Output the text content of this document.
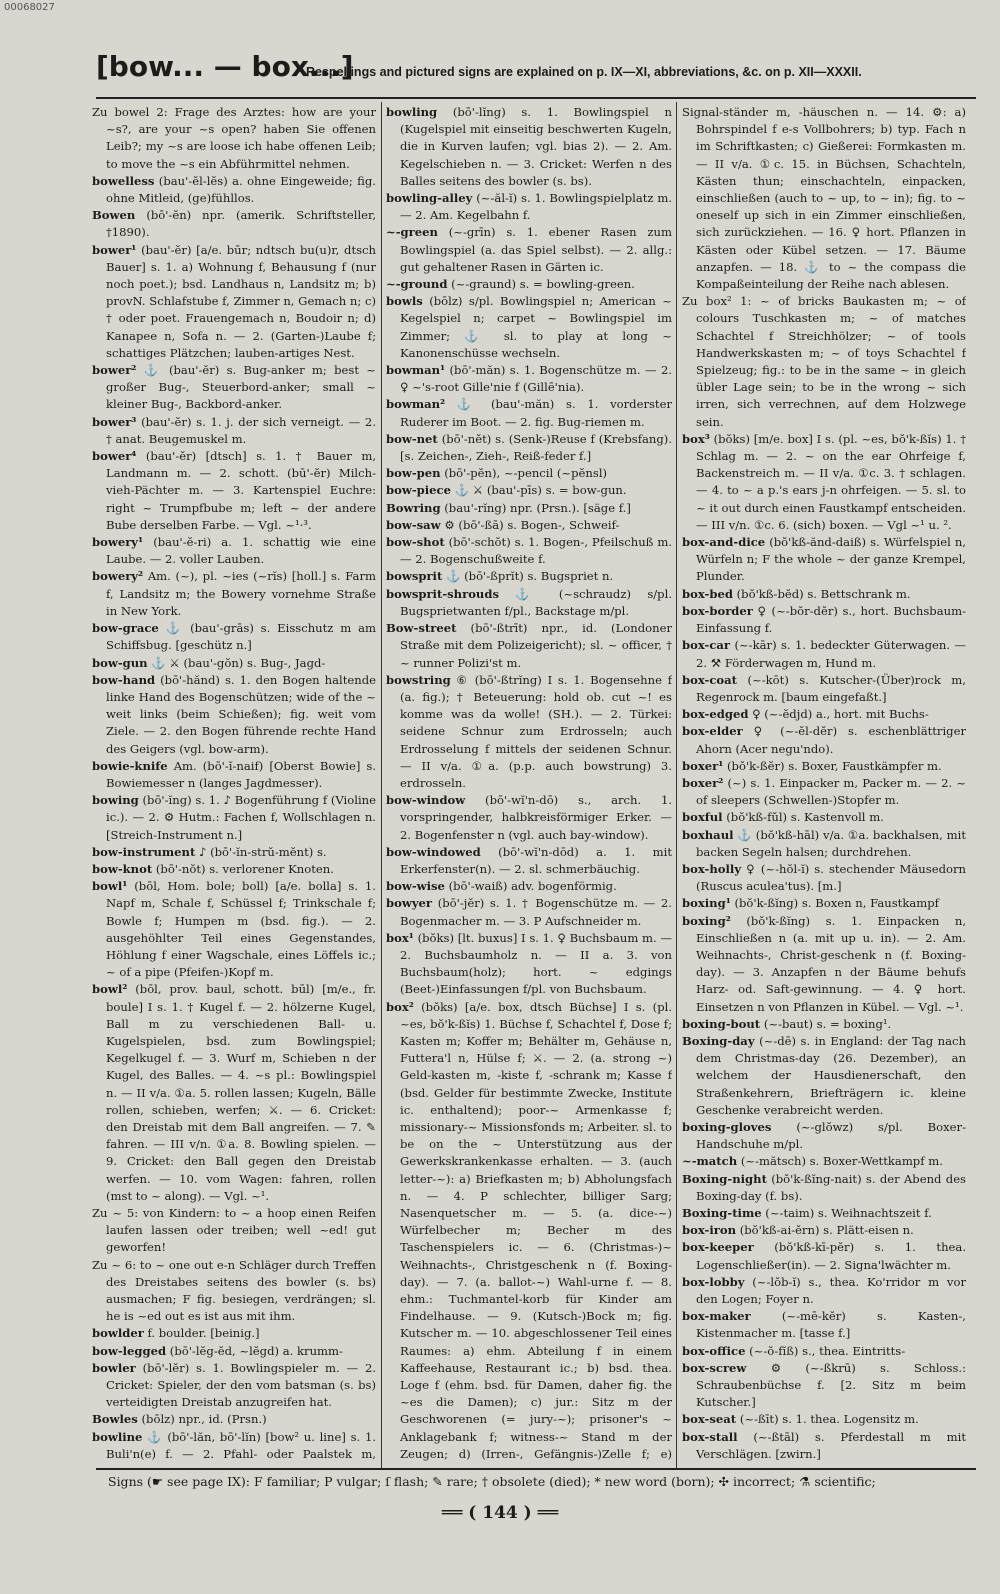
00068027
[bow... — box...]
Respellings and pictured signs are explained on p. IX—XI, abbreviations, &c. on p. XII—XXXII.

Zu bowel 2: Frage des Arztes: how are your ~s?, are your ~s open? haben Sie offenen Leib?; my ~s are loose ich habe offenen Leib; to move the ~s ein Abführmittel nehmen.

bowelless (bau'-ĕl-lĕs) a. ohne Eingeweide; fig. ohne Mitleid, (ge)fühllos.

Bowen (bō'-ĕn) npr. (amerik. Schriftsteller, †1890).

bower¹ (bau'-ĕr) [a/e. būr; ndtsch bu(u)r, dtsch Bauer] s. 1. a) Wohnung f, Behausung f (nur noch poet.); bsd. Landhaus n, Landsitz m; b) provN. Schlafstube f, Zimmer n, Gemach n; c) † oder poet. Frauengemach n, Boudoir n; d) Kanapee n, Sofa n. — 2. (Garten-)Laube f; schattiges Plätzchen; lauben-artiges Nest.

bower² ⚓ (bau'-ĕr) s. Bug-anker m; best ~ großer Bug-, Steuerbord-anker; small ~ kleiner Bug-, Backbord-anker.

bower³ (bau'-ĕr) s. 1. j. der sich verneigt. — 2. † anat. Beugemuskel m.

bower⁴ (bau'-ĕr) [dtsch] s. 1. † Bauer m, Landmann m. — 2. schott. (bū'-ĕr) Milch-vieh-Pächter m. — 3. Kartenspiel Euchre: right ~ Trumpfbube m; left ~ der andere Bube derselben Farbe. — Vgl. ~¹·³.

bowery¹ (bau'-ĕ-ri) a. 1. schattig wie eine Laube. — 2. voller Lauben.

bowery² Am. (~), pl. ~ies (~rĭs) [holl.] s. Farm f, Landsitz m; the Bowery vornehme Straße in New York.

bow-grace ⚓ (bau'-grās) s. Eisschutz m am Schiffsbug. [geschütz n.]

bow-gun ⚓ ⚔ (bau'-gŏn) s. Bug-, Jagd-

bow-hand (bō'-hănd) s. 1. den Bogen haltende linke Hand des Bogenschützen; wide of the ~ weit links (beim Schießen); fig. weit vom Ziele. — 2. den Bogen führende rechte Hand des Geigers (vgl. bow-arm).

bowie-knife Am. (bō'-ĭ-naif) [Oberst Bowie] s. Bowiemesser n (langes Jagdmesser).

bowing (bō'-ĭng) s. 1. ♪ Bogenführung f (Violine ic.). — 2. ⚙ Hutm.: Fachen f, Wollschlagen n. [Streich-Instrument n.]

bow-instrument ♪ (bō'-ĭn-strŭ-mĕnt) s.

bow-knot (bō'-nŏt) s. verlorener Knoten.

bowl¹ (bōl, Hom. bole; boll) [a/e. bolla] s. 1. Napf m, Schale f, Schüssel f; Trinkschale f; Bowle f; Humpen m (bsd. fig.). — 2. ausgehöhlter Teil eines Gegenstandes, Höhlung f einer Wagschale, eines Löffels ic.; ~ of a pipe (Pfeifen-)Kopf m.

bowl² (bōl, prov. baul, schott. būl) [m/e., fr. boule] I s. 1. † Kugel f. — 2. hölzerne Kugel, Ball m zu verschiedenen Ball- u. Kugelspielen, bsd. zum Bowlingspiel; Kegelkugel f. — 3. Wurf m, Schieben n der Kugel, des Balles. — 4. ~s pl.: Bowlingspiel n. — II v/a. ①a. 5. rollen lassen; Kugeln, Bälle rollen, schieben, werfen; ⚔. — 6. Cricket: den Dreistab mit dem Ball angreifen. — 7. ✎ fahren. — III v/n. ①a. 8. Bowling spielen. — 9. Cricket: den Ball gegen den Dreistab werfen. — 10. vom Wagen: fahren, rollen (mst to ~ along). — Vgl. ~¹.

Zu ~ 5: von Kindern: to ~ a hoop einen Reifen laufen lassen oder treiben; well ~ed! gut geworfen!

Zu ~ 6: to ~ one out e-n Schläger durch Treffen des Dreistabes seitens des bowler (s. bs) ausmachen; F fig. besiegen, verdrängen; sl. he is ~ed out es ist aus mit ihm.

bowlder f. boulder. [beinig.]

bow-legged (bō'-lĕg-ĕd, ~lĕgd) a. krumm-

bowler (bō'-lĕr) s. 1. Bowlingspieler m. — 2. Cricket: Spieler, der den vom batsman (s. bs) verteidigten Dreistab anzugreifen hat.

Bowles (bōlz) npr., id. (Prsn.)

bowline ⚓ (bō'-lăn, bō'-lĭn) [bow² u. line] s. 1. Buli'n(e) f. — 2. Pfahl- oder Paalstek m,

bowling (bō'-lĭng) s. 1. Bowlingspiel n (Kugelspiel mit einseitig beschwerten Kugeln, die in Kurven laufen; vgl. bias 2). — 2. Am. Kegelschieben n. — 3. Cricket: Werfen n des Balles seitens des bowler (s. bs).

bowling-alley (~-ăl-ĭ) s. 1. Bowlingspielplatz m. — 2. Am. Kegelbahn f.

~-green (~-grīn) s. 1. ebener Rasen zum Bowlingspiel (a. das Spiel selbst). — 2. allg.: gut gehaltener Rasen in Gärten ic.

~-ground (~-graund) s. = bowling-green.

bowls (bōlz) s/pl. Bowlingspiel n; American ~ Kegelspiel n; carpet ~ Bowlingspiel im Zimmer; ⚓ sl. to play at long ~ Kanonenschüsse wechseln.

bowman¹ (bō'-măn) s. 1. Bogenschütze m. — 2. ♀ ~'s-root Gille'nie f (Gillē'nia).

bowman² ⚓ (bau'-măn) s. 1. vorderster Ruderer im Boot. — 2. fig. Bug-riemen m.

bow-net (bō'-nĕt) s. (Senk-)Reuse f (Krebsfang). [s. Zeichen-, Zieh-, Reiß-feder f.]

bow-pen (bō'-pĕn), ~-pencil (~pĕnsl)

bow-piece ⚓ ⚔ (bau'-pīs) s. = bow-gun.

Bowring (bau'-rĭng) npr. (Prsn.). [säge f.]

bow-saw ⚙ (bō'-ßā) s. Bogen-, Schweif-

bow-shot (bō'-schŏt) s. 1. Bogen-, Pfeilschuß m. — 2. Bogenschußweite f.

bowsprit ⚓ (bō'-ßprĭt) s. Bugspriet n.

bowsprit-shrouds ⚓ (~schraudz) s/pl. Bugsprietwanten f/pl., Backstage m/pl.

Bow-street (bō'-ßtrīt) npr., id. (Londoner Straße mit dem Polizeigericht); sl. ~ officer, † ~ runner Polizi'st m.

bowstring ⑥ (bō'-ßtrĭng) I s. 1. Bogensehne f (a. fig.); † Beteuerung: hold ob. cut ~! es komme was da wolle! (SH.). — 2. Türkei: seidene Schnur zum Erdrosseln; auch Erdrosselung f mittels der seidenen Schnur. — II v/a. ①a. (p.p. auch bowstrung) 3. erdrosseln.

bow-window (bō'-wĭ'n-dō) s., arch. 1. vorspringender, halbkreisförmiger Erker. — 2. Bogenfenster n (vgl. auch bay-window).

bow-windowed (bō'-wĭ'n-dōd) a. 1. mit Erkerfenster(n). — 2. sl. schmerbäuchig.

bow-wise (bō'-waiß) adv. bogenförmig.

bowyer (bō'-jĕr) s. 1. † Bogenschütze m. — 2. Bogenmacher m. — 3. P Aufschneider m.

box¹ (bŏks) [lt. buxus] I s. 1. ♀ Buchsbaum m. — 2. Buchsbaumholz n. — II a. 3. von Buchsbaum(holz); hort. ~ edgings (Beet-)Einfassungen f/pl. von Buchsbaum.

box² (bŏks) [a/e. box, dtsch Büchse] I s. (pl. ~es, bŏ'k-ßĭs) 1. Büchse f, Schachtel f, Dose f; Kasten m; Koffer m; Behälter m, Gehäuse n, Futtera'l n, Hülse f; ⚔. — 2. (a. strong ~) Geld-kasten m, -kiste f, -schrank m; Kasse f (bsd. Gelder für bestimmte Zwecke, Institute ic. enthaltend); poor-~ Armenkasse f; missionary-~ Missionsfonds m; Arbeiter. sl. to be on the ~ Unterstützung aus der Gewerkskrankenkasse erhalten. — 3. (auch letter-~): a) Briefkasten m; b) Abholungsfach n. — 4. P schlechter, billiger Sarg; Nasenquetscher m. — 5. (a. dice-~) Würfelbecher m; Becher m des Taschenspielers ic. — 6. (Christmas-)~ Weihnachts-, Christgeschenk n (f. Boxing-day). — 7. (a. ballot-~) Wahl-urne f. — 8. ehm.: Tuchmantel-korb für Kinder am Findelhause. — 9. (Kutsch-)Bock m; fig. Kutscher m. — 10. abgeschlossener Teil eines Raumes: a) ehm. Abteilung f in einem Kaffeehause, Restaurant ic.; b) bsd. thea. Loge f (ehm. bsd. für Damen, daher fig. the ~es die Damen); c) jur.: Sitz m der Geschworenen (= jury-~); prisoner's ~ Anklagebank f; witness-~ Stand m der Zeugen; d) (Irren-, Gefängnis-)Zelle f; e)

Signal-ständer m, -häuschen n. — 14. ⚙: a) Bohrspindel f e-s Vollbohrers; b) typ. Fach n im Schriftkasten; c) Gießerei: Formkasten m. — II v/a. ①c. 15. in Büchsen, Schachteln, Kästen thun; einschachteln, einpacken, einschließen (auch to ~ up, to ~ in); fig. to ~ oneself up sich in ein Zimmer einschließen, sich zurückziehen. — 16. ♀ hort. Pflanzen in Kästen oder Kübel setzen. — 17. Bäume anzapfen. — 18. ⚓ to ~ the compass die Kompaßeinteilung der Reihe nach ablesen.

Zu box² 1: ~ of bricks Baukasten m; ~ of colours Tuschkasten m; ~ of matches Schachtel f Streichhölzer; ~ of tools Handwerkskasten m; ~ of toys Schachtel f Spielzeug; fig.: to be in the same ~ in gleich übler Lage sein; to be in the wrong ~ sich irren, sich verrechnen, auf dem Holzwege sein.

box³ (bŏks) [m/e. box] I s. (pl. ~es, bŏ'k-ßĭs) 1. † Schlag m. — 2. ~ on the ear Ohrfeige f, Backenstreich m. — II v/a. ①c. 3. † schlagen. — 4. to ~ a p.'s ears j-n ohrfeigen. — 5. sl. to ~ it out durch einen Faustkampf entscheiden. — III v/n. ①c. 6. (sich) boxen. — Vgl ~¹ u. ².

box-and-dice (bŏ'kß-ănd-daiß) s. Würfelspiel n, Würfeln n; F the whole ~ der ganze Krempel, Plunder.

box-bed (bŏ'kß-bĕd) s. Bettschrank m.

box-border ♀ (~-bŏr-dĕr) s., hort. Buchsbaum-Einfassung f.

box-car (~-kār) s. 1. bedeckter Güterwagen. — 2. ⚒ Förderwagen m, Hund m.

box-coat (~-kōt) s. Kutscher-(Über)rock m, Regenrock m. [baum eingefaßt.]

box-edged ♀ (~-ĕdjd) a., hort. mit Buchs-

box-elder ♀ (~-ĕl-dĕr) s. eschenblättriger Ahorn (Acer negu'ndo).

boxer¹ (bŏ'k-ßĕr) s. Boxer, Faustkämpfer m.

boxer² (~) s. 1. Einpacker m, Packer m. — 2. ~ of sleepers (Schwellen-)Stopfer m.

boxful (bŏ'kß-fŭl) s. Kastenvoll m.

boxhaul ⚓ (bŏ'kß-hāl) v/a. ①a. backhalsen, mit backen Segeln halsen; durchdrehen.

box-holly ♀ (~-hŏl-ĭ) s. stechender Mäusedorn (Ruscus aculea'tus). [m.]

boxing¹ (bŏ'k-ßĭng) s. Boxen n, Faustkampf

boxing² (bŏ'k-ßĭng) s. 1. Einpacken n, Einschließen n (a. mit up u. in). — 2. Am. Weihnachts-, Christ-geschenk n (f. Boxing-day). — 3. Anzapfen n der Bäume behufs Harz- od. Saft-gewinnung. — 4. ♀ hort. Einsetzen n von Pflanzen in Kübel. — Vgl. ~¹.

boxing-bout (~-baut) s. = boxing¹.

Boxing-day (~-dē) s. in England: der Tag nach dem Christmas-day (26. Dezember), an welchem der Hausdienerschaft, den Straßenkehrern, Briefträgern ic. kleine Geschenke verabreicht werden.

boxing-gloves (~-glŏwz) s/pl. Boxer-Handschuhe m/pl.

~-match (~-mătsch) s. Boxer-Wettkampf m.

Boxing-night (bŏ'k-ßĭng-nait) s. der Abend des Boxing-day (f. bs).

Boxing-time (~-taim) s. Weihnachtszeit f.

box-iron (bŏ'kß-ai-ĕrn) s. Plätt-eisen n.

box-keeper (bŏ'kß-kī-pĕr) s. 1. thea. Logenschließer(in). — 2. Signa'lwächter m.

box-lobby (~-lŏb-ĭ) s., thea. Ko'rridor m vor den Logen; Foyer n.

box-maker	(~-mē-kĕr) s. Kasten-, Kistenmacher m. [tasse f.]

box-office (~-ŏ-fĭß) s., thea. Eintritts-

box-screw ⚙ (~-ßkrū) s. Schloss.: Schraubenbüchse f. [2. Sitz m beim Kutscher.]

box-seat (~-ßīt) s. 1. thea. Logensitz m.

box-stall (~-ßtāl) s. Pferdestall m mit Verschlägen. [zwirn.]

Signs (☛ see page IX): F familiar; P vulgar; ſ flash; ✎ rare; † obsolete (died); * new word (born); ✣ incorrect; ⚗ scientific;
══ ( 144 ) ══
